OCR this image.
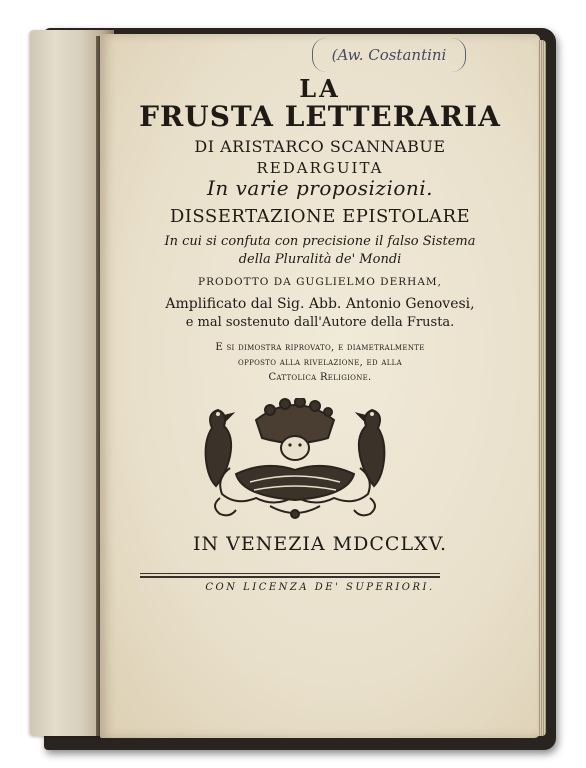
(Aw. Costantini
LA
FRUSTA LETTERARIA
DI ARISTARCO SCANNABUE
REDARGUITA
In varie proposizioni.
DISSERTAZIONE EPISTOLARE
In cui si confuta con precisione il falso Sistema
della Pluralità de' Mondi
PRODOTTO DA GUGLIELMO DERHAM,
Amplificato dal Sig. Abb. Antonio Genovesi,
e mal sostenuto dall'Autore della Frusta.
E si dimostra riprovato, e diametralmente
opposto alla rivelazione, ed alla
Cattolica Religione.
IN VENEZIA MDCCLXV.
CON LICENZA DE' SUPERIORI.
